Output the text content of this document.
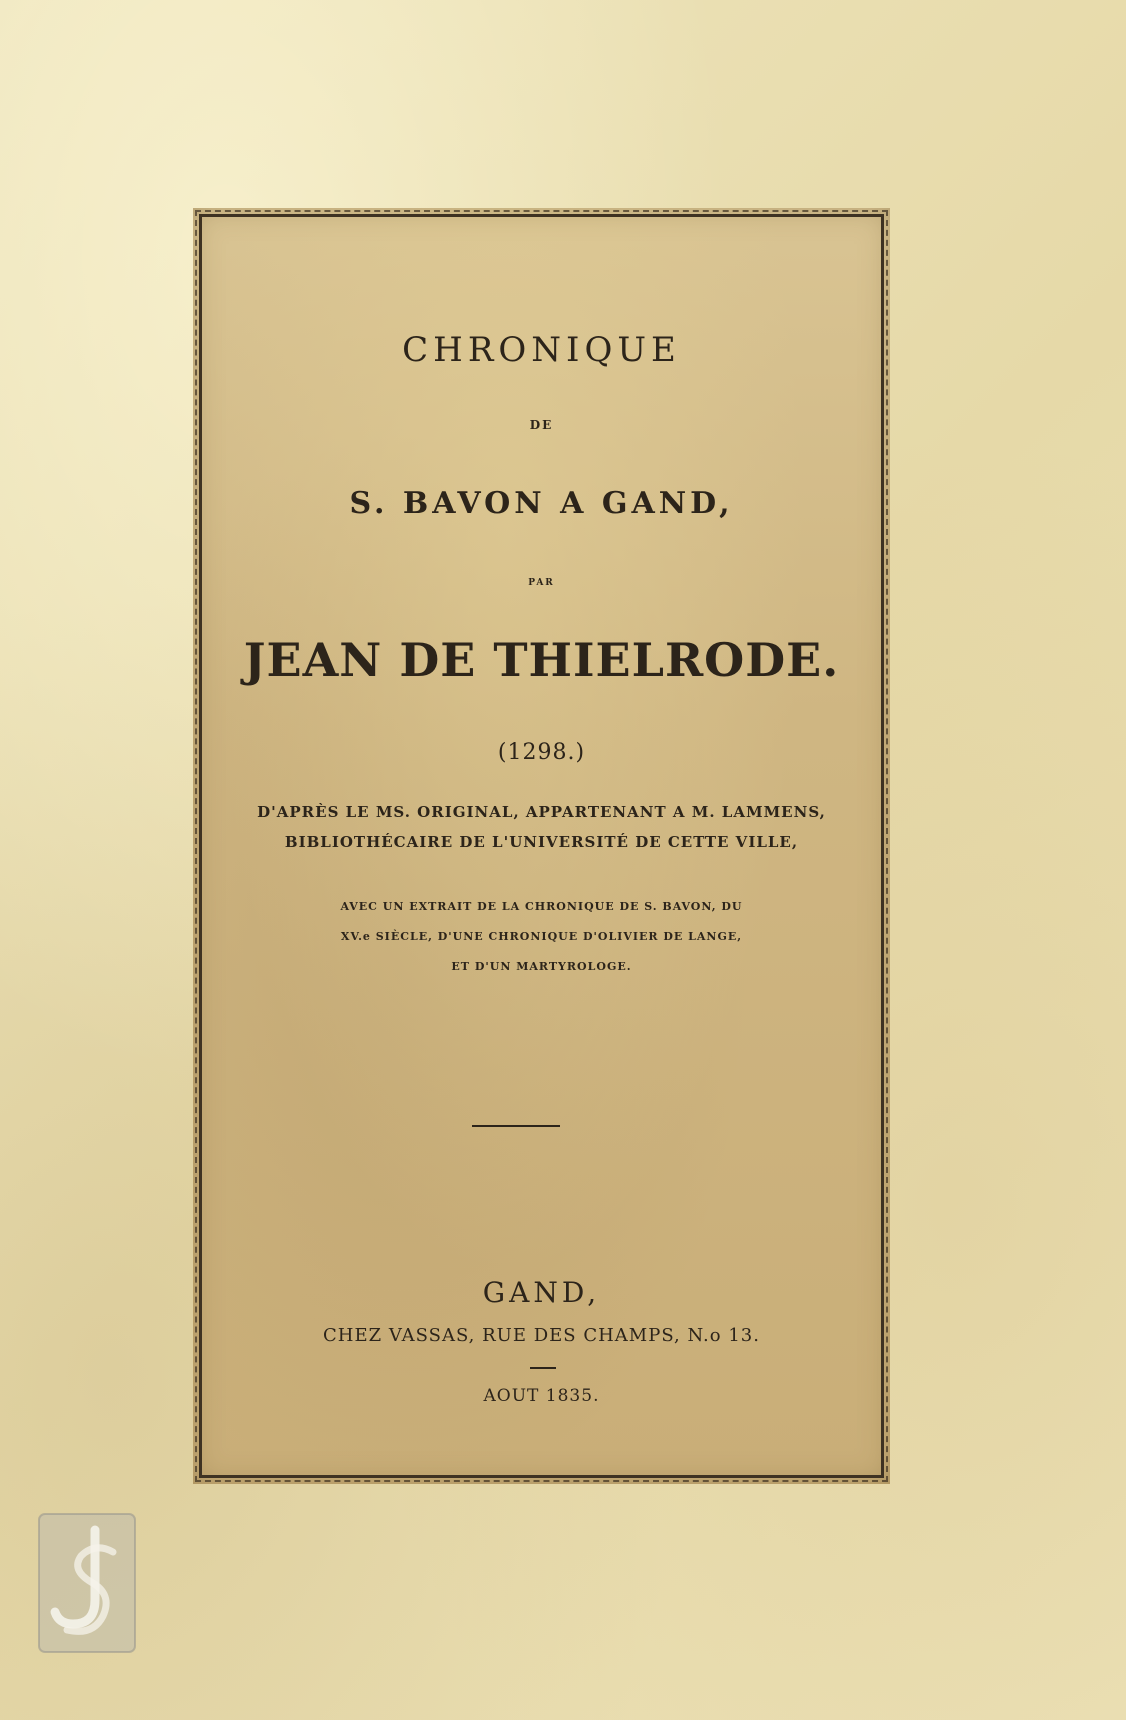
CHRONIQUE
DE
S. BAVON A GAND,
PAR
JEAN DE THIELRODE.
(1298.)
D'APRÈS LE MS. ORIGINAL, APPARTENANT A M. LAMMENS,
BIBLIOTHÉCAIRE DE L'UNIVERSITÉ DE CETTE VILLE,
AVEC UN EXTRAIT DE LA CHRONIQUE DE S. BAVON, DU
XV.e SIÈCLE, D'UNE CHRONIQUE D'OLIVIER DE LANGE,
ET D'UN MARTYROLOGE.
GAND,
CHEZ VASSAS, RUE DES CHAMPS, N.o 13.
AOUT 1835.
